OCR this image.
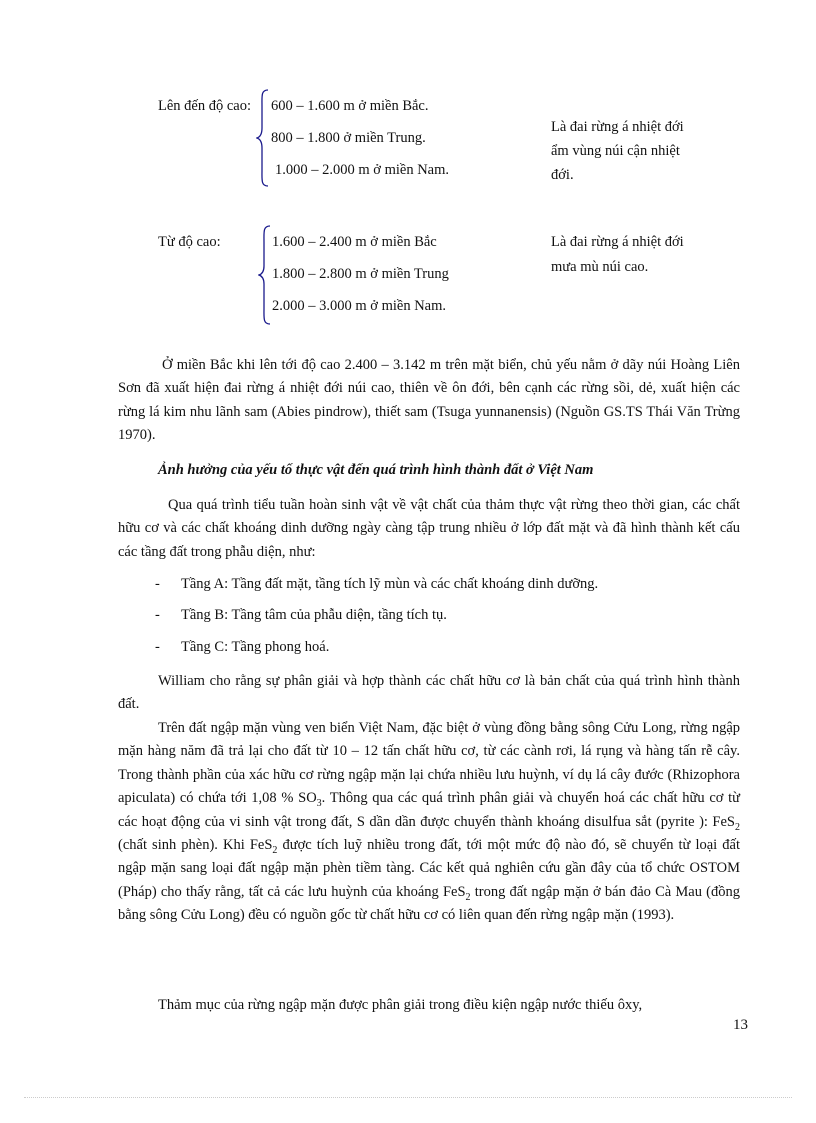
Lên đến độ cao: 600 – 1.600 m ở miền Bắc.
800 – 1.800 ở miền Trung.
1.000 – 2.000 m ở miền Nam.
Là đai rừng á nhiệt đới
ẩm vùng núi cận nhiệt
đới.
Từ độ cao:	1.600 – 2.400 m ở miền Bắc
1.800 – 2.800 m ở miền Trung
2.000 – 3.000 m ở miền Nam.
Là đai rừng á nhiệt đới
mưa mù núi cao.
Ở miền Bắc khi lên tới độ cao 2.400 – 3.142 m trên mặt biển, chủ yếu nằm ở dãy núi Hoàng Liên Sơn đã xuất hiện đai rừng á nhiệt đới núi cao, thiên về ôn đới, bên cạnh các rừng sồi, dẻ, xuất hiện các rừng lá kim nhu lãnh sam (Abies pindrow), thiết sam (Tsuga yunnanensis) (Nguồn GS.TS Thái Văn Trừng 1970).
Ảnh hưởng của yếu tố thực vật đến quá trình hình thành đất ở Việt Nam
Qua quá trình tiểu tuần hoàn sinh vật về vật chất của thảm thực vật rừng theo thời gian, các chất hữu cơ và các chất khoáng dinh dưỡng ngày càng tập trung nhiều ở lớp đất mặt và đã hình thành kết cấu các tầng đất trong phẫu diện, như:
- Tầng A: Tầng đất mặt, tầng tích lỹ mùn và các chất khoáng dinh dưỡng.
- Tầng B: Tầng tâm của phẫu diện, tầng tích tụ.
- Tầng C: Tầng phong hoá.
William cho rằng sự phân giải và hợp thành các chất hữu cơ là bản chất của quá trình hình thành đất.
Trên đất ngập mặn vùng ven biển Việt Nam, đặc biệt ở vùng đồng bằng sông Cửu Long, rừng ngập mặn hàng năm đã trả lại cho đất từ 10 – 12 tấn chất hữu cơ, từ các cành rơi, lá rụng và hàng tấn rễ cây. Trong thành phần của xác hữu cơ rừng ngập mặn lại chứa nhiều lưu huỳnh, ví dụ lá cây đước (Rhizophora apiculata) có chứa tới 1,08 % $SO_3$. Thông qua các quá trình phân giải và chuyển hoá các chất hữu cơ từ các hoạt động của vi sinh vật trong đất, S dần dần được chuyển thành khoáng disulfua sắt (pyrite ): FeS$_2$ (chất sinh phèn). Khi FeS$_2$ được tích luỹ nhiều trong đất, tới một mức độ nào đó, sẽ chuyển từ loại đất ngập mặn sang loại đất ngập mặn phèn tiềm tàng. Các kết quả nghiên cứu gần đây của tổ chức OSTOM (Pháp) cho thấy rằng, tất cả các lưu huỳnh của khoáng FeS$_2$ trong đất ngập mặn ở bán đảo Cà Mau (đồng bằng sông Cửu Long) đều có nguồn gốc từ chất hữu cơ có liên quan đến rừng ngập mặn (1993).
Thảm mục của rừng ngập mặn được phân giải trong điều kiện ngập nước thiếu ôxy,
13
